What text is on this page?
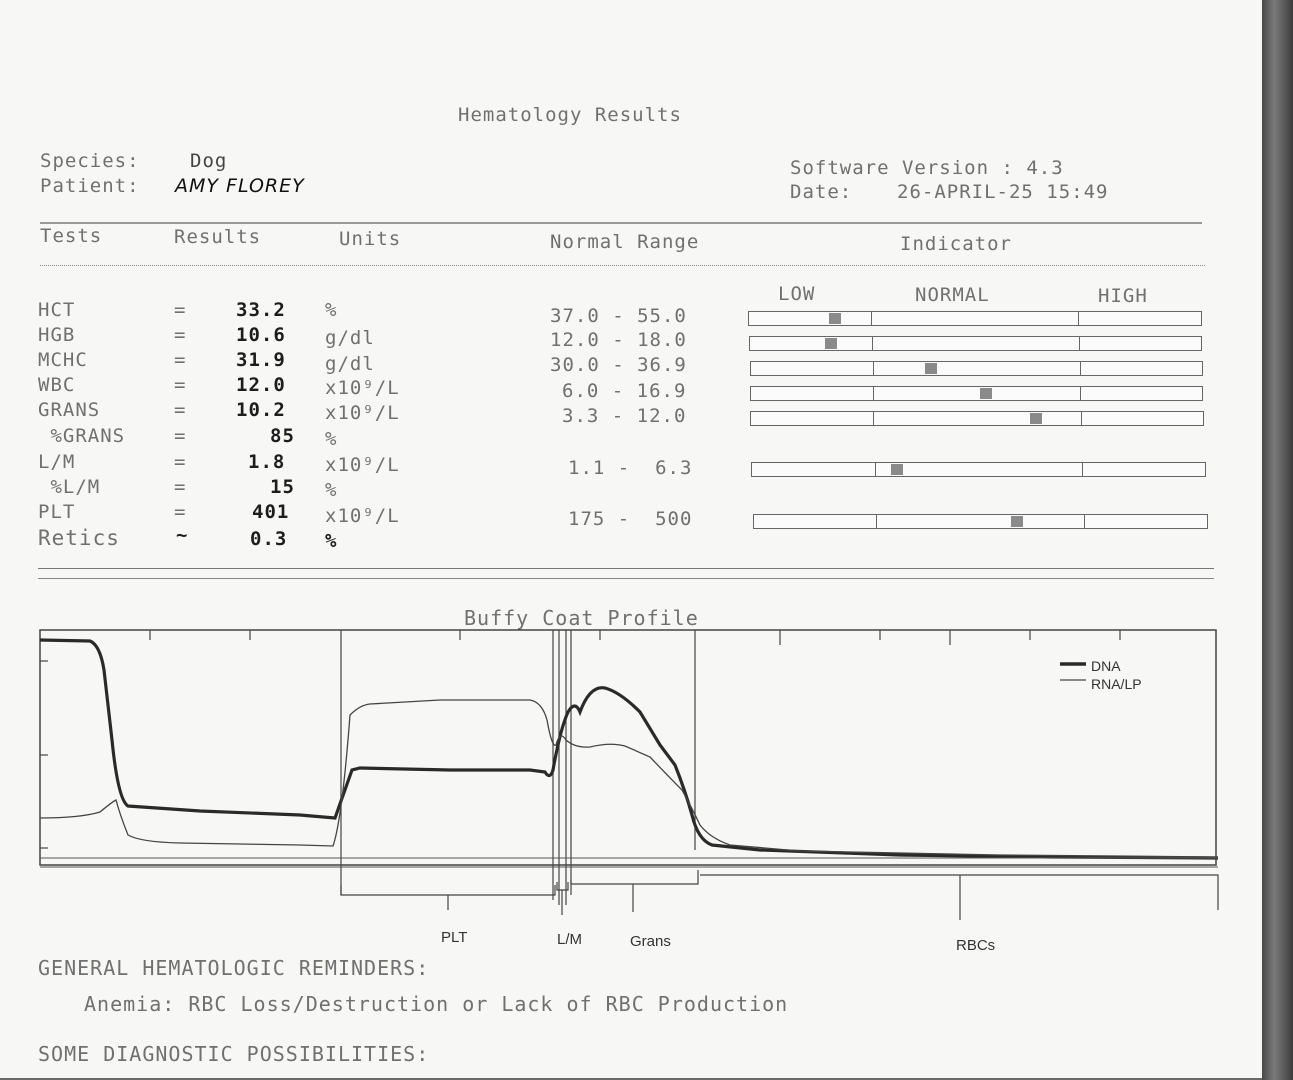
Hematology Results
Species:	Dog
Patient: AMY FLOREY
Software Version : 4.3
Date: 26-APRIL-25 15:49
Tests	Results	Units	Normal Range	Indicator
LOW	NORMAL	HIGH
HCT	=	33.2 %	37.0 - 55.0
HGB	=	10.6 g/dl	12.0 - 18.0
MCHC	=	31.9 g/dl	30.0 - 36.9
WBC	=	12.0 x10⁹/L	6.0 - 16.9
GRANS	=	10.2 x10⁹/L	3.3 - 12.0
%GRANS	=	85 %
L/M	=	1.8 x10⁹/L	1.1 -  6.3
%L/M	=	15 %
PLT	=	401 x10⁹/L	175 -  500
Retics	~	0.3 %
Buffy Coat Profile
DNA
RNA/LP
PLT	L/M	Grans	RBCs
GENERAL HEMATOLOGIC REMINDERS:
Anemia: RBC Loss/Destruction or Lack of RBC Production
SOME DIAGNOSTIC POSSIBILITIES:
